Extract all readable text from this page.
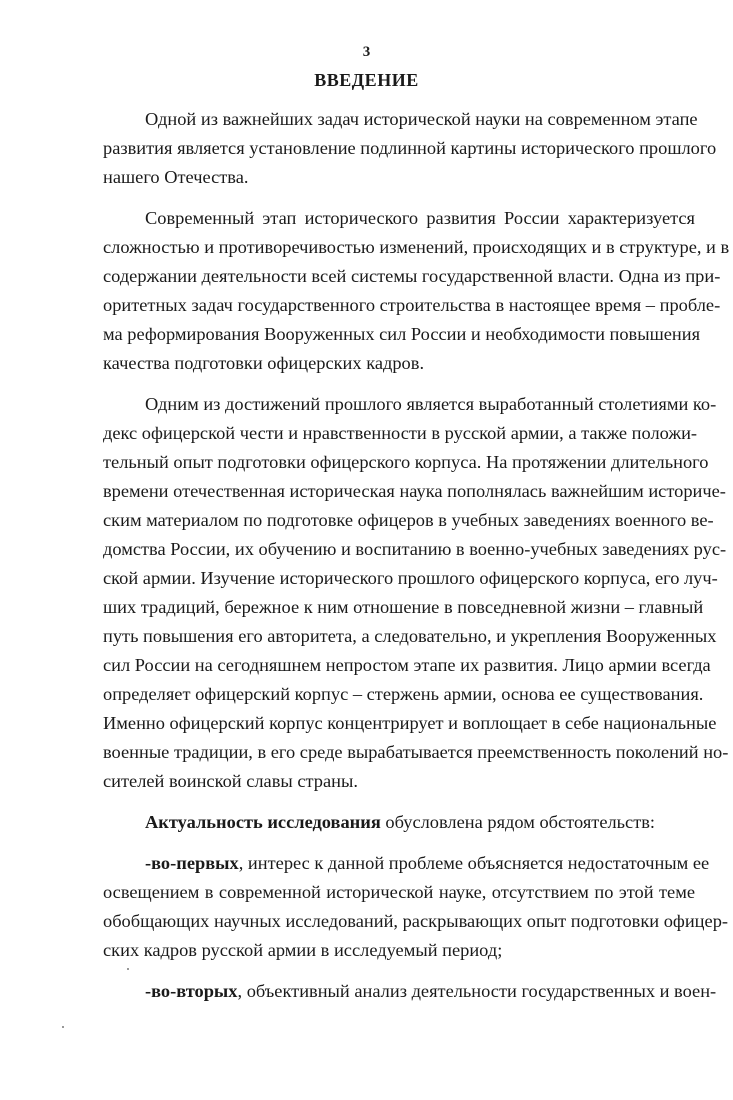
3
ВВЕДЕНИЕ
Одной из важнейших задач исторической науки на современном этапе
развития является установление подлинной картины исторического прошлого
нашего Отечества.
Современный этап исторического развития России характеризуется
сложностью и противоречивостью изменений, происходящих и в структуре, и в
содержании деятельности всей системы государственной власти. Одна из при-
оритетных задач государственного строительства в настоящее время – пробле-
ма реформирования Вооруженных сил России и необходимости повышения
качества подготовки офицерских кадров.
Одним из достижений прошлого является выработанный столетиями ко-
декс офицерской чести и нравственности в русской армии, а также положи-
тельный опыт подготовки офицерского корпуса. На протяжении длительного
времени отечественная историческая наука пополнялась важнейшим историче-
ским материалом по подготовке офицеров в учебных заведениях военного ве-
домства России, их обучению и воспитанию в военно-учебных заведениях рус-
ской армии. Изучение исторического прошлого офицерского корпуса, его луч-
ших традиций, бережное к ним отношение в повседневной жизни – главный
путь повышения его авторитета, а следовательно, и укрепления Вооруженных
сил России на сегодняшнем непростом этапе их развития. Лицо армии всегда
определяет офицерский корпус – стержень армии, основа ее существования.
Именно офицерский корпус концентрирует и воплощает в себе национальные
военные традиции, в его среде вырабатывается преемственность поколений но-
сителей воинской славы страны.
Актуальность исследования обусловлена рядом обстоятельств:
-во-первых, интерес к данной проблеме объясняется недостаточным ее
освещением в современной исторической науке, отсутствием по этой теме
обобщающих научных исследований, раскрывающих опыт подготовки офицер-
ских кадров русской армии в исследуемый период;
-во-вторых, объективный анализ деятельности государственных и воен-
